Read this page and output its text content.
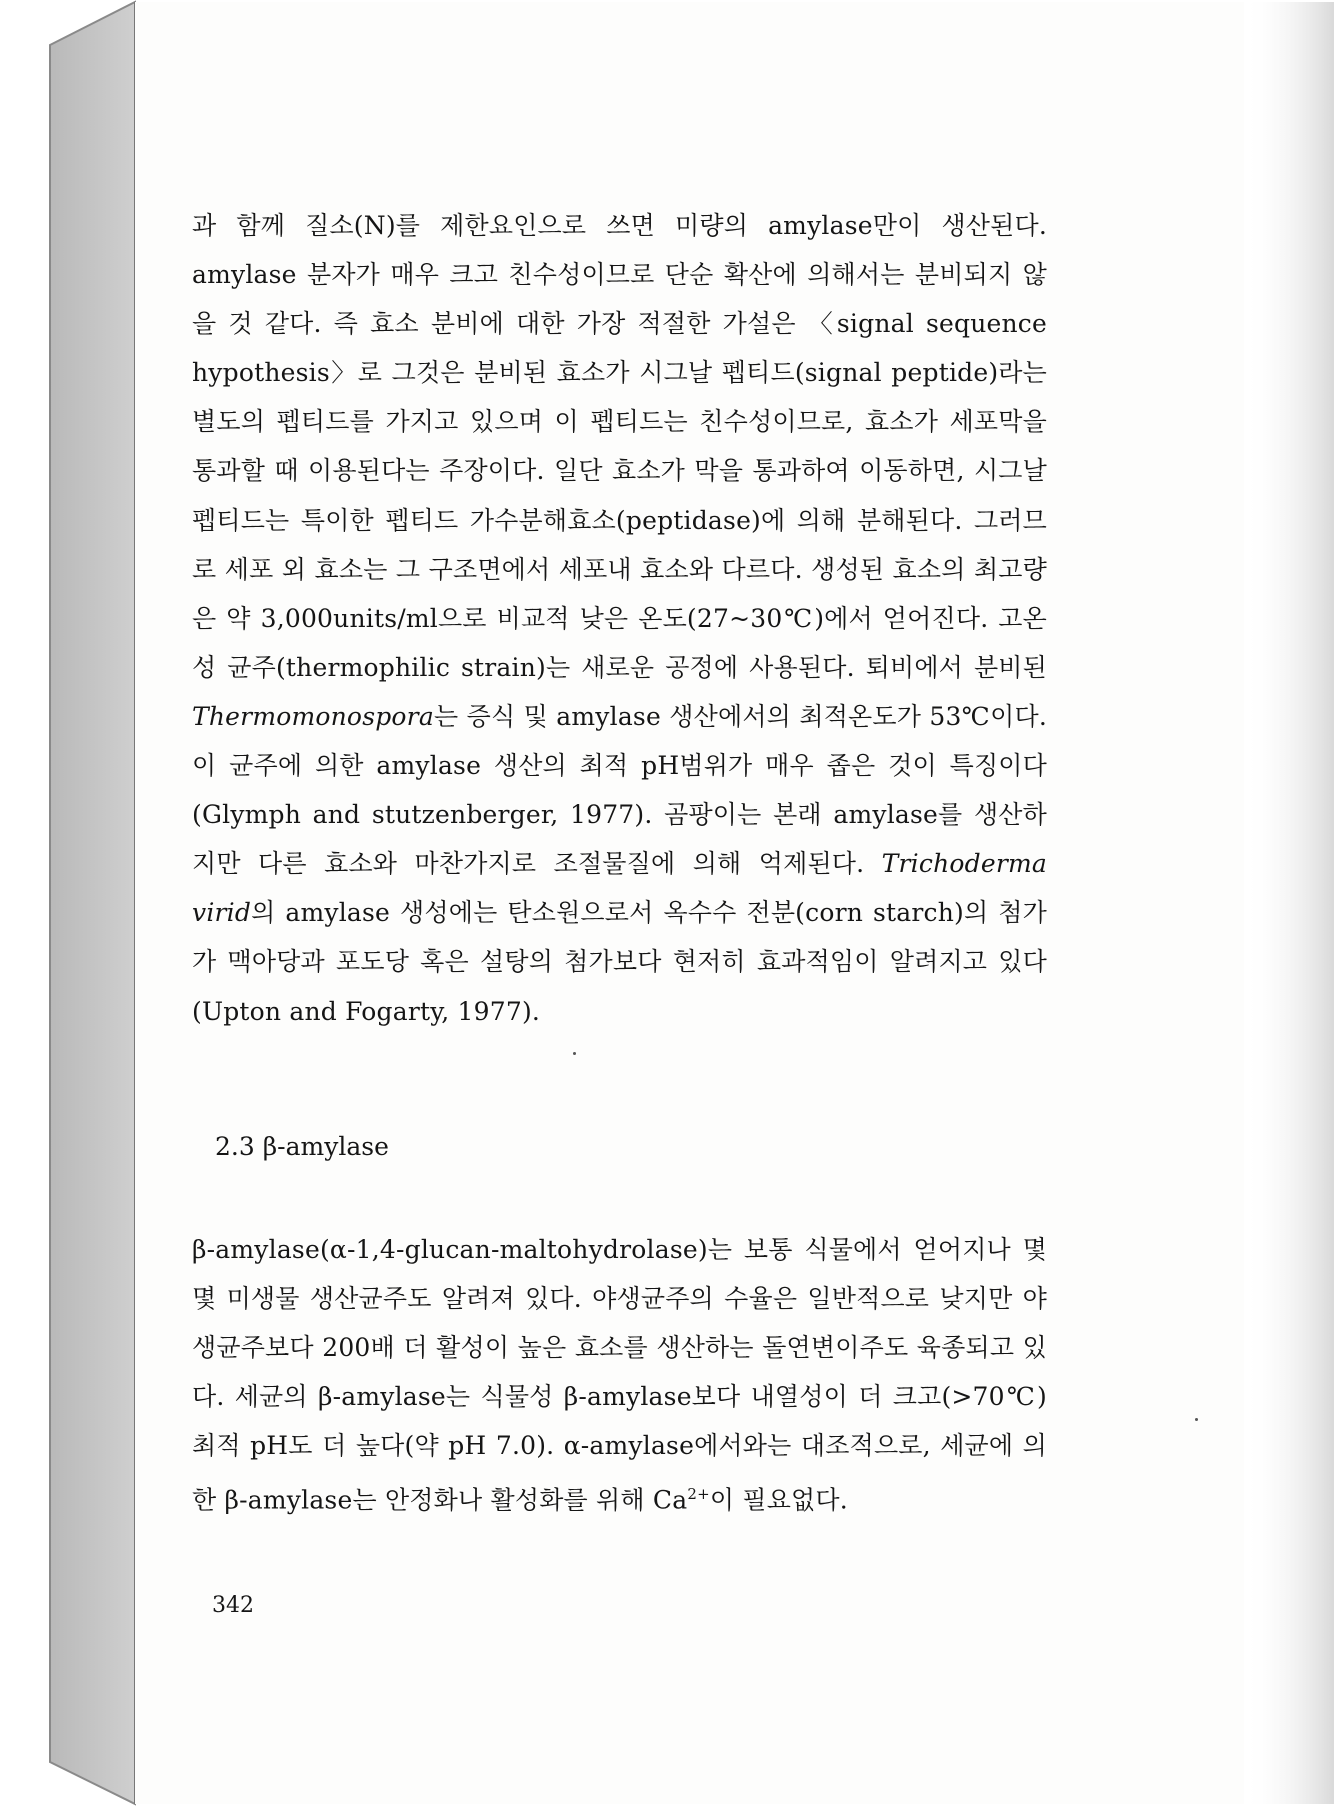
과 함께 질소(N)를 제한요인으로 쓰면 미량의 amylase만이 생산된다. amylase 분자가 매우 크고 친수성이므로 단순 확산에 의해서는 분비되지 않을 것 같다. 즉 효소 분비에 대한 가장 적절한 가설은 〈signal sequence hypothesis〉로 그것은 분비된 효소가 시그날 펩티드(signal peptide)라는 별도의 펩티드를 가지고 있으며 이 펩티드는 친수성이므로, 효소가 세포막을 통과할 때 이용된다는 주장이다. 일단 효소가 막을 통과하여 이동하면, 시그날 펩티드는 특이한 펩티드 가수분해효소(peptidase)에 의해 분해된다. 그러므로 세포 외 효소는 그 구조면에서 세포내 효소와 다르다. 생성된 효소의 최고량은 약 3,000units/ml으로 비교적 낮은 온도(27~30℃)에서 얻어진다. 고온성 균주(thermophilic strain)는 새로운 공정에 사용된다. 퇴비에서 분비된 Thermomonospora는 증식 및 amylase 생산에서의 최적온도가 53℃이다. 이 균주에 의한 amylase 생산의 최적 pH범위가 매우 좁은 것이 특징이다(Glymph and stutzenberger, 1977). 곰팡이는 본래 amylase를 생산하지만 다른 효소와 마찬가지로 조절물질에 의해 억제된다. Trichoderma virid의 amylase 생성에는 탄소원으로서 옥수수 전분(corn starch)의 첨가가 맥아당과 포도당 혹은 설탕의 첨가보다 현저히 효과적임이 알려지고 있다(Upton and Fogarty, 1977).

2.3 β-amylase

β-amylase(α-1,4-glucan-maltohydrolase)는 보통 식물에서 얻어지나 몇몇 미생물 생산균주도 알려져 있다. 야생균주의 수율은 일반적으로 낮지만 야생균주보다 200배 더 활성이 높은 효소를 생산하는 돌연변이주도 육종되고 있다. 세균의 β-amylase는 식물성 β-amylase보다 내열성이 더 크고(>70℃) 최적 pH도 더 높다(약 pH 7.0). α-amylase에서와는 대조적으로, 세균에 의한 β-amylase는 안정화나 활성화를 위해 $Ca^{2+}$이 필요없다.

342
